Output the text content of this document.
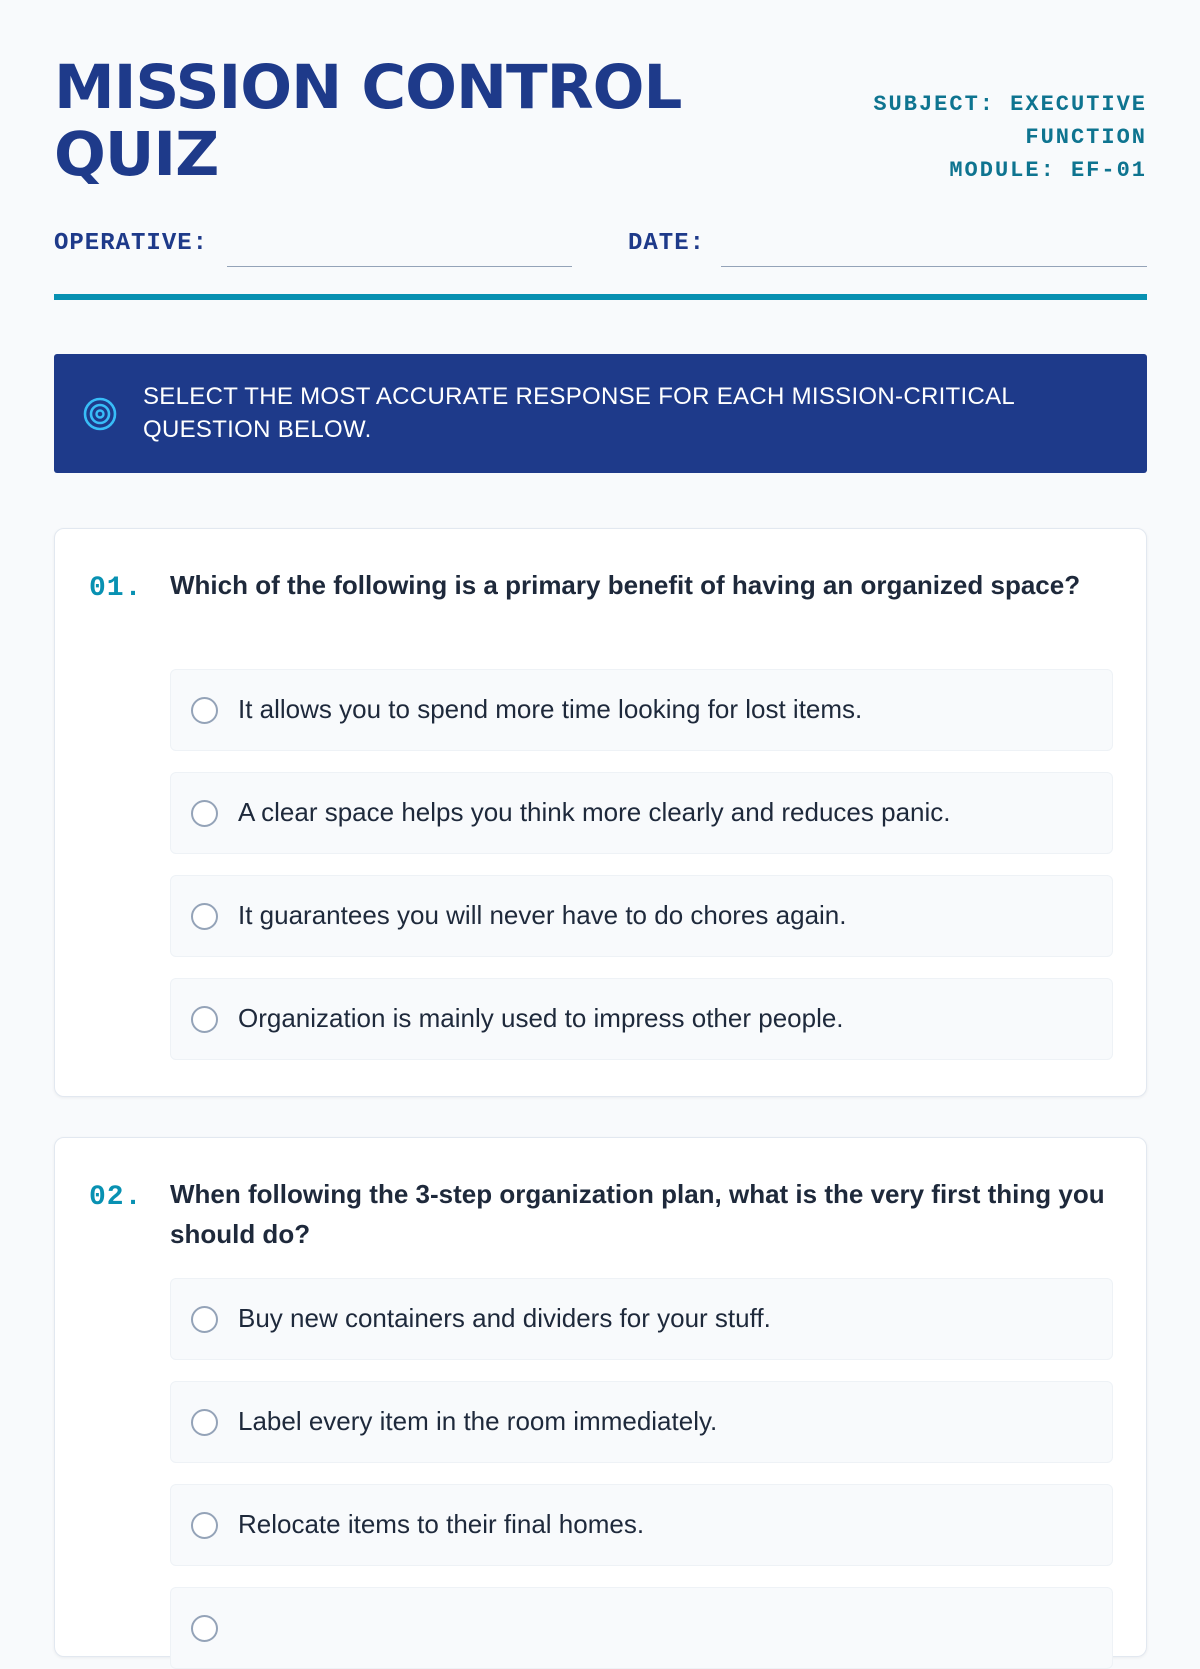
MISSION CONTROL QUIZ
SUBJECT: EXECUTIVE FUNCTION
MODULE: EF-01
OPERATIVE:	DATE:
SELECT THE MOST ACCURATE RESPONSE FOR EACH MISSION-CRITICAL QUESTION BELOW.
01. Which of the following is a primary benefit of having an organized space?
It allows you to spend more time looking for lost items.
A clear space helps you think more clearly and reduces panic.
It guarantees you will never have to do chores again.
Organization is mainly used to impress other people.
02. When following the 3-step organization plan, what is the very first thing you should do?
Buy new containers and dividers for your stuff.
Label every item in the room immediately.
Relocate items to their final homes.
